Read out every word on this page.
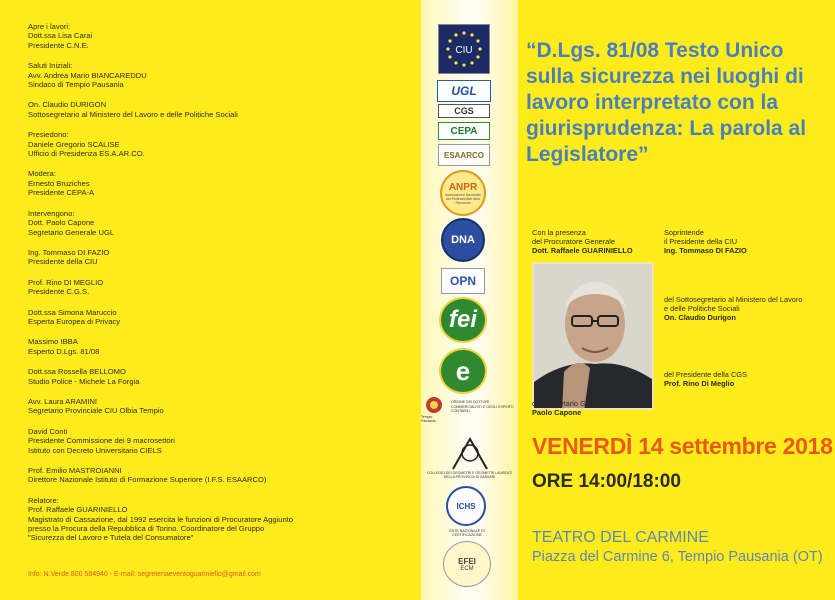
Apre i lavori:
Dott.ssa Lisa Carai
Presidente C.N.E.
Saluti Iniziali:
Avv. Andrea Mario BIANCAREDDU
Sindaco di Tempio Pausania
On. Claudio DURIGON
Sottosegretario al Ministero del Lavoro e delle Politiche Sociali
Presiedono:
Daniele Gregorio SCALISE
Ufficio di Presidenza ES.A.AR.CO.
Modera:
Ernesto Bruziches
Presidente CEPA-A
Intervengono:
Dott. Paolo Capone
Segretario Generale UGL
Ing. Tommaso DI FAZIO
Presidente della CIU
Prof. Rino DI MEGLIO
Presidente C.G.S.
Dott.ssa Simona Maruccio
Esperta Europea di Privacy
Massimo IBBA
Esperto D.Lgs. 81/08
Dott.ssa Rossella BELLOMO
Studio Police - Michele La Forgia
Avv. Laura ARAMINI
Segretario Provinciale CIU Olbia Tempio
David Conti
Presidente Commissione dei 9 macrosettori
Istituto con Decreto Universitario CIELS
Prof. Emilio MASTROIANNI
Direttore Nazionale Istituto di Formazione Superiore (I.F.S. ESAARCO)
Relatore:
Prof. Raffaele GUARINIELLO
Magistrato di Cassazione, dal 1992 esercita le funzioni di Procuratore Aggiunto
presso la Procura della Repubblica di Torino. Coordinatore del Gruppo
"Sicurezza del Lavoro e Tutela del Consumatore"
Info: N.Verde 800 584940 - E-mail: segreteriaeventoguariniello@gmail.com
CIU
UGL
CGS
CEPA
ESAARCO
ANPR
Associazione Nazionale dei Professionisti della Sicurezza
DNA
OPN
fei
e
Tempio Pausania
ORDINE DEI DOTTORI COMMERCIALISTI E DEGLI ESPERTI CONTABILI
COLLEGIO DEI GEOMETRI E GEOMETRI LAUREATI DELLA PROVINCIA DI SASSARI
ICHS
ENTE NAZIONALE DI CERTIFICAZIONE
EFEI
ECM
“D.Lgs. 81/08 Testo Unico sulla sicurezza nei luoghi di lavoro interpretato con la giurisprudenza: La parola al Legislatore”
Con la presenza
del Procuratore Generale
Dott. Raffaele GUARINIELLO
Soprintende
il Presidente della CIU
Ing. Tommaso DI FAZIO
del Sottosegretario al Ministero del Lavoro
e delle Politiche Sociali
On. Claudio Durigon
del Presidente della CGS
Prof. Rino Di Meglio
del Segretario Generale dell'UGL
Paolo Capone
VENERDÌ 14 settembre 2018
ORE 14:00/18:00
TEATRO DEL CARMINE
Piazza del Carmine 6, Tempio Pausania (OT)
